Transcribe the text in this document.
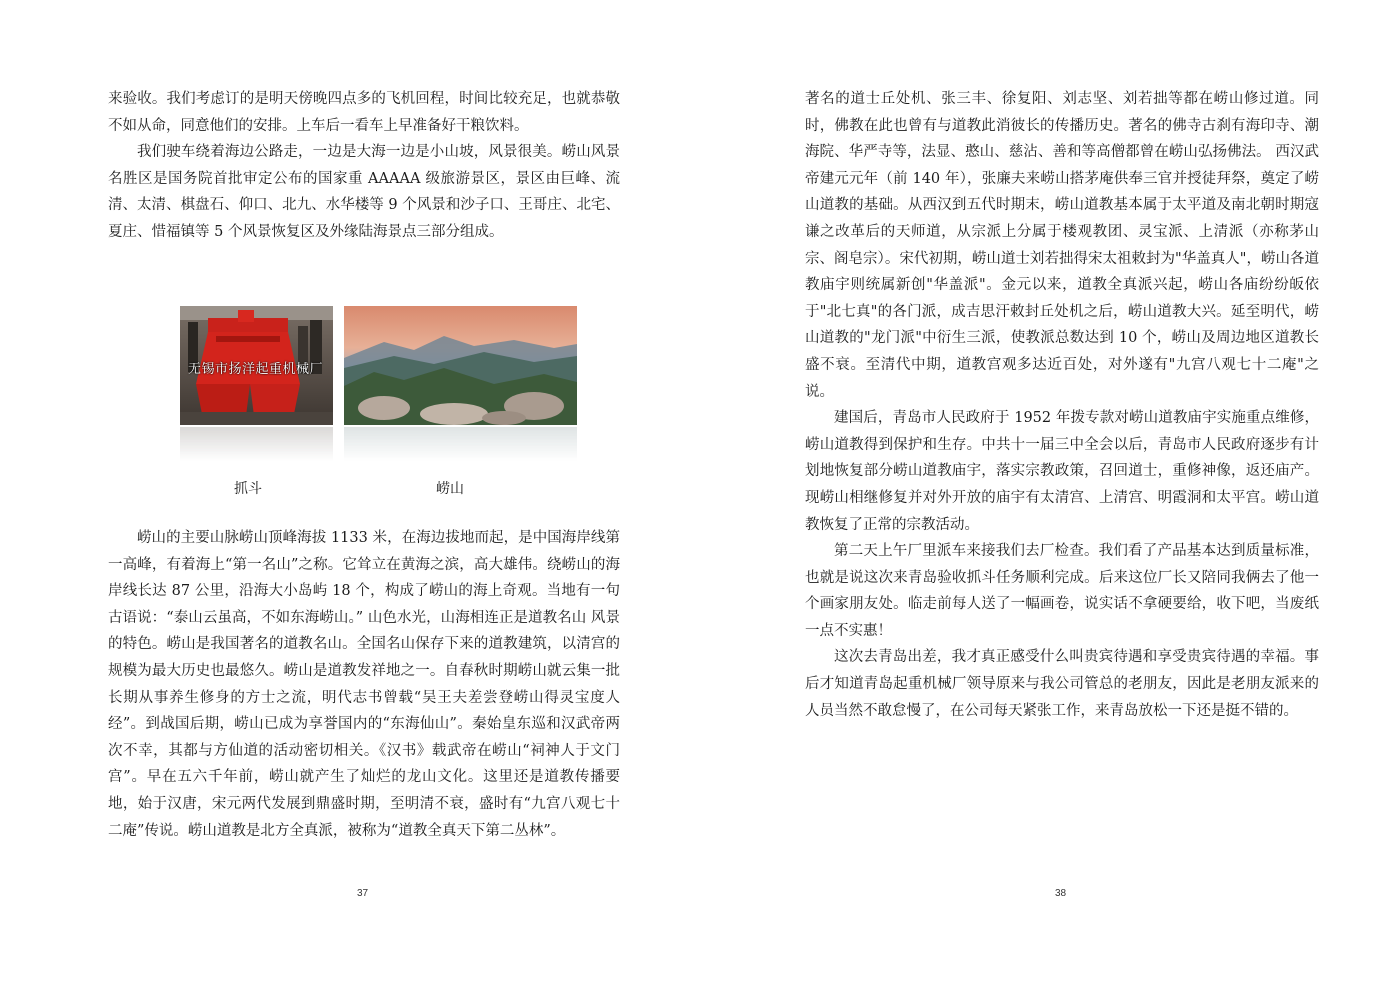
来验收。我们考虑订的是明天傍晚四点多的飞机回程，时间比较充足，也就恭敬不如从命，同意他们的安排。上车后一看车上早准备好干粮饮料。

我们驶车绕着海边公路走，一边是大海一边是小山坡，风景很美。崂山风景名胜区是国务院首批审定公布的国家重 AAAAA 级旅游景区，景区由巨峰、流清、太清、棋盘石、仰口、北九、水华楼等 9 个风景和沙子口、王哥庄、北宅、夏庄、惜福镇等 5 个风景恢复区及外缘陆海景点三部分组成。

无锡市扬洋起重机械厂
抓斗	崂山

崂山的主要山脉崂山顶峰海拔 1133 米，在海边拔地而起，是中国海岸线第一高峰，有着海上“第一名山”之称。它耸立在黄海之滨，高大雄伟。绕崂山的海岸线长达 87 公里，沿海大小岛屿 18 个，构成了崂山的海上奇观。当地有一句古语说：“泰山云虽高，不如东海崂山。” 山色水光，山海相连正是道教名山 风景的特色。崂山是我国著名的道教名山。全国名山保存下来的道教建筑，以清宫的规模为最大历史也最悠久。崂山是道教发祥地之一。自春秋时期崂山就云集一批长期从事养生修身的方士之流，明代志书曾载“吴王夫差尝登崂山得灵宝度人经”。到战国后期，崂山已成为享誉国内的“东海仙山”。秦始皇东巡和汉武帝两次不幸，其都与方仙道的活动密切相关。《汉书》载武帝在崂山“祠神人于文门宫”。早在五六千年前，崂山就产生了灿烂的龙山文化。这里还是道教传播要地，始于汉唐，宋元两代发展到鼎盛时期，至明清不衰，盛时有“九宫八观七十二庵”传说。崂山道教是北方全真派，被称为“道教全真天下第二丛林”。

37

著名的道士丘处机、张三丰、徐复阳、刘志坚、刘若拙等都在崂山修过道。同时，佛教在此也曾有与道教此消彼长的传播历史。著名的佛寺古刹有海印寺、潮海院、华严寺等，法显、憨山、慈沾、善和等高僧都曾在崂山弘扬佛法。 西汉武帝建元元年（前 140 年），张廉夫来崂山搭茅庵供奉三官并授徒拜祭，奠定了崂山道教的基础。从西汉到五代时期末，崂山道教基本属于太平道及南北朝时期寇谦之改革后的天师道，从宗派上分属于楼观教团、灵宝派、上清派（亦称茅山宗、阁皂宗）。宋代初期，崂山道士刘若拙得宋太祖敕封为"华盖真人"，崂山各道教庙宇则统属新创"华盖派"。金元以来，道教全真派兴起，崂山各庙纷纷皈依于"北七真"的各门派，成吉思汗敕封丘处机之后，崂山道教大兴。延至明代，崂山道教的"龙门派"中衍生三派，使教派总数达到 10 个，崂山及周边地区道教长盛不衰。至清代中期，道教宫观多达近百处，对外遂有"九宫八观七十二庵"之说。

建国后，青岛市人民政府于 1952 年拨专款对崂山道教庙宇实施重点维修，崂山道教得到保护和生存。中共十一届三中全会以后，青岛市人民政府逐步有计划地恢复部分崂山道教庙宇，落实宗教政策，召回道士，重修神像，返还庙产。现崂山相继修复并对外开放的庙宇有太清宫、上清宫、明霞洞和太平宫。崂山道教恢复了正常的宗教活动。

第二天上午厂里派车来接我们去厂检查。我们看了产品基本达到质量标准，也就是说这次来青岛验收抓斗任务顺利完成。后来这位厂长又陪同我俩去了他一个画家朋友处。临走前每人送了一幅画卷，说实话不拿硬要给，收下吧，当废纸一点不实惠！

这次去青岛出差，我才真正感受什么叫贵宾待遇和享受贵宾待遇的幸福。事后才知道青岛起重机械厂领导原来与我公司管总的老朋友，因此是老朋友派来的人员当然不敢怠慢了，在公司每天紧张工作，来青岛放松一下还是挺不错的。

38
